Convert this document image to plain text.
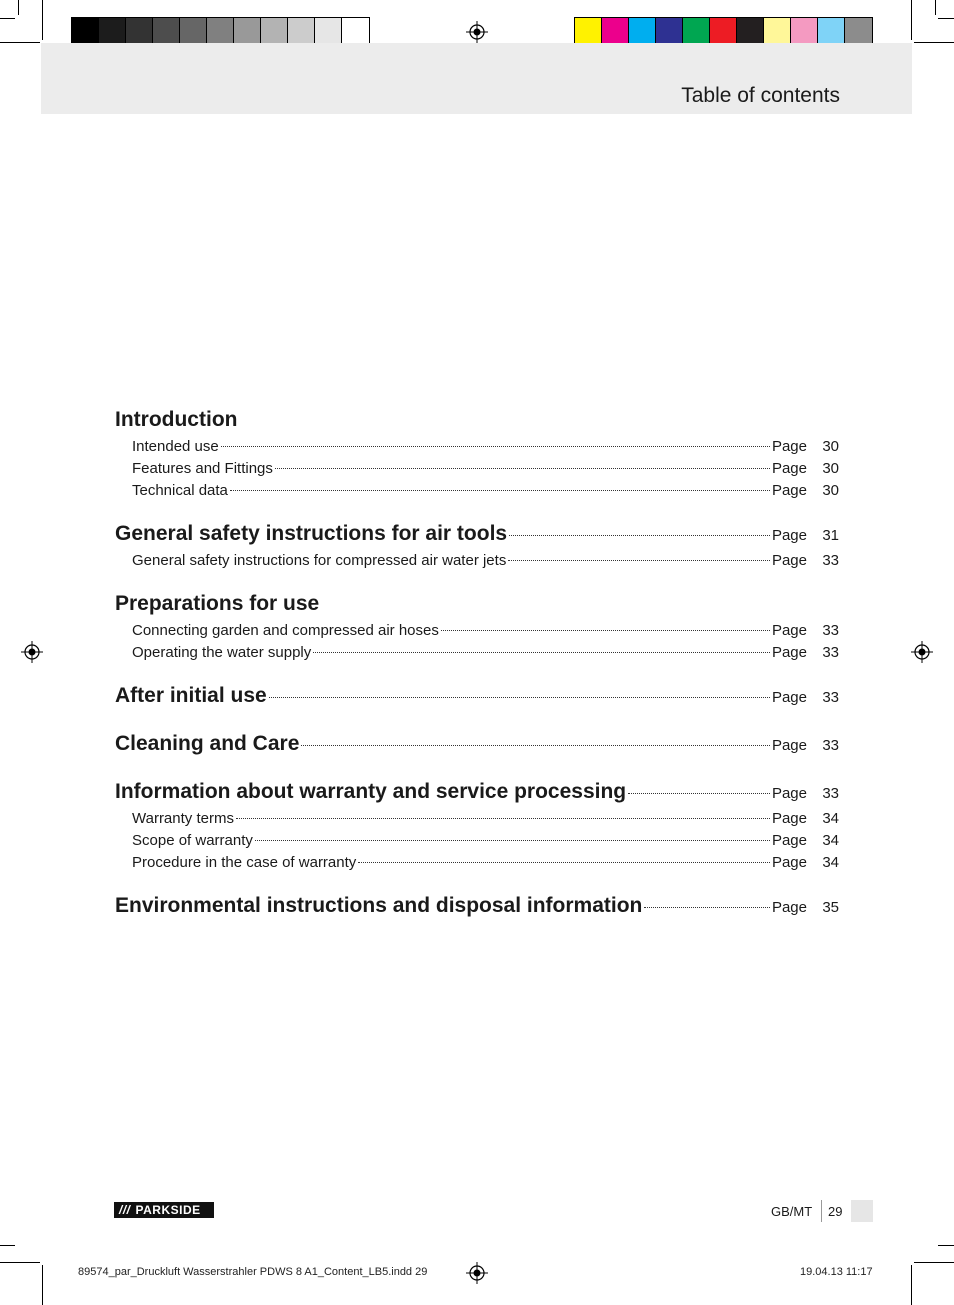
Table of contents
Introduction
Intended use	Page 30
Features and Fittings	Page 30
Technical data	Page 30
General safety instructions for air tools	Page 31
General safety instructions for compressed air water jets	Page 33
Preparations for use
Connecting garden and compressed air hoses	Page 33
Operating the water supply	Page 33
After initial use	Page 33
Cleaning and Care	Page 33
Information about warranty and service processing	Page 33
Warranty terms	Page 34
Scope of warranty	Page 34
Procedure in the case of warranty	Page 34
Environmental instructions and disposal information	Page 35
/// PARKSIDE	GB/MT 29
89574_par_Druckluft Wasserstrahler PDWS 8 A1_Content_LB5.indd 29	19.04.13 11:17
